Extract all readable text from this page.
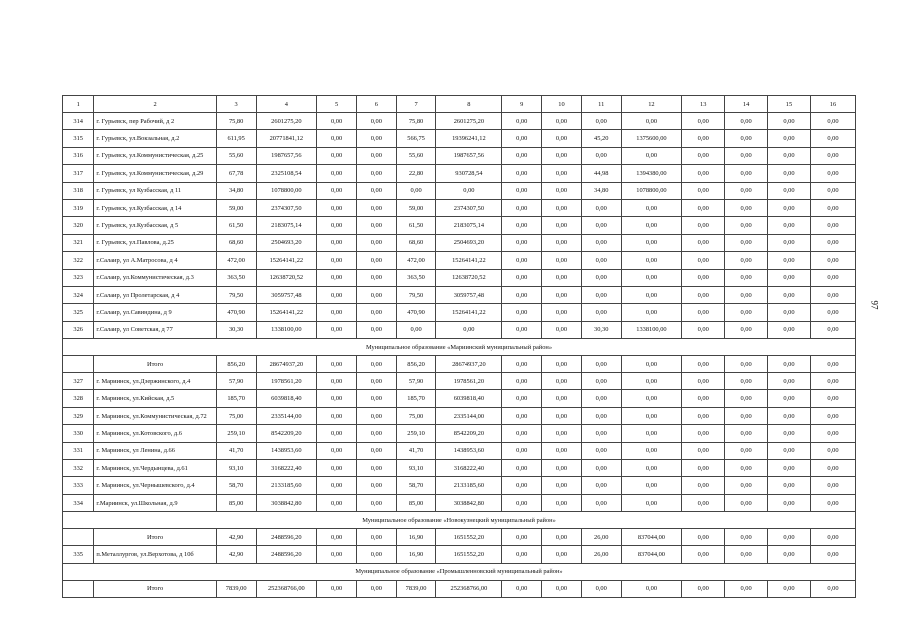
1	2	3	4	5	6	7	8	9	10	11	12	13	14	15	16
314	г. Гурьевск, пер Рабочий, д 2	75,80	2601275,20	0,00	0,00	75,80	2601275,20	0,00	0,00	0,00	0,00	0,00	0,00	0,00	0,00
315	г. Гурьевск, ул.Вокзальная, д.2	611,95	20771841,12	0,00	0,00	566,75	19396241,12	0,00	0,00	45,20	1375600,00	0,00	0,00	0,00	0,00
316	г. Гурьевск, ул.Коммунистическая, д.25	55,60	1987657,56	0,00	0,00	55,60	1987657,56	0,00	0,00	0,00	0,00	0,00	0,00	0,00	0,00
317	г. Гурьевск, ул.Коммунистическая, д.29	67,78	2325108,54	0,00	0,00	22,80	930728,54	0,00	0,00	44,98	1394380,00	0,00	0,00	0,00	0,00
318	г. Гурьевск, ул Кузбасская, д 11	34,80	1078800,00	0,00	0,00	0,00	0,00	0,00	0,00	34,80	1078800,00	0,00	0,00	0,00	0,00
319	г. Гурьевск, ул.Кузбасская, д 14	59,00	2374307,50	0,00	0,00	59,00	2374307,50	0,00	0,00	0,00	0,00	0,00	0,00	0,00	0,00
320	г. Гурьевск, ул.Кузбасская, д 5	61,50	2183075,14	0,00	0,00	61,50	2183075,14	0,00	0,00	0,00	0,00	0,00	0,00	0,00	0,00
321	г. Гурьевск, ул.Павлова, д.25	68,60	2504693,20	0,00	0,00	68,60	2504693,20	0,00	0,00	0,00	0,00	0,00	0,00	0,00	0,00
322	г.Салаир, ул А.Матросова, д 4	472,00	15264141,22	0,00	0,00	472,00	15264141,22	0,00	0,00	0,00	0,00	0,00	0,00	0,00	0,00
323	г.Салаир, ул.Коммунистическая, д.3	363,50	12638720,52	0,00	0,00	363,50	12638720,52	0,00	0,00	0,00	0,00	0,00	0,00	0,00	0,00
324	г.Салаир, ул Пролетарская, д 4	79,50	3059757,48	0,00	0,00	79,50	3059757,48	0,00	0,00	0,00	0,00	0,00	0,00	0,00	0,00
325	г.Салаир, ул.Савиндина, д 9	470,90	15264141,22	0,00	0,00	470,90	15264141,22	0,00	0,00	0,00	0,00	0,00	0,00	0,00	0,00
326	г.Салаир, ул Советская, д 77	30,30	1338100,00	0,00	0,00	0,00	0,00	0,00	0,00	30,30	1338100,00	0,00	0,00	0,00	0,00
Муниципальное образование «Мариинский муниципальный район»															
	Итого	856,20	28674937,20	0,00	0,00	856,20	28674937,20	0,00	0,00	0,00	0,00	0,00	0,00	0,00	0,00
327	г. Мариинск, ул.Дзержинского, д.4	57,90	1978561,20	0,00	0,00	57,90	1978561,20	0,00	0,00	0,00	0,00	0,00	0,00	0,00	0,00
328	г. Мариинск, ул.Кийская, д.5	185,70	6039818,40	0,00	0,00	185,70	6039818,40	0,00	0,00	0,00	0,00	0,00	0,00	0,00	0,00
329	г. Мариинск, ул.Коммунистическая, д.72	75,00	2335144,00	0,00	0,00	75,00	2335144,00	0,00	0,00	0,00	0,00	0,00	0,00	0,00	0,00
330	г. Мариинск, ул.Котовского, д.6	259,10	8542209,20	0,00	0,00	259,10	8542209,20	0,00	0,00	0,00	0,00	0,00	0,00	0,00	0,00
331	г. Мариинск, ул Ленина, д.66	41,70	1438953,60	0,00	0,00	41,70	1438953,60	0,00	0,00	0,00	0,00	0,00	0,00	0,00	0,00
332	г. Мариинск, ул.Чердынцева, д.61	93,10	3168222,40	0,00	0,00	93,10	3168222,40	0,00	0,00	0,00	0,00	0,00	0,00	0,00	0,00
333	г. Мариинск, ул.Чернышевского, д.4	58,70	2133185,60	0,00	0,00	58,70	2133185,60	0,00	0,00	0,00	0,00	0,00	0,00	0,00	0,00
334	г.Мариинск, ул.Школьная, д.9	85,00	3038842,80	0,00	0,00	85,00	3038842,80	0,00	0,00	0,00	0,00	0,00	0,00	0,00	0,00
Муниципальное образование «Новокузнецкий муниципальный район»															
	Итого	42,90	2488596,20	0,00	0,00	16,90	1651552,20	0,00	0,00	26,00	837044,00	0,00	0,00	0,00	0,00
335	п.Металлургов, ул.Верхотова, д 10б	42,90	2488596,20	0,00	0,00	16,90	1651552,20	0,00	0,00	26,00	837044,00	0,00	0,00	0,00	0,00
Муниципальное образование «Промышленновский муниципальный район»															
	Итого	7839,00	252368766,00	0,00	0,00	7839,00	252368766,00	0,00	0,00	0,00	0,00	0,00	0,00	0,00	0,00
97
